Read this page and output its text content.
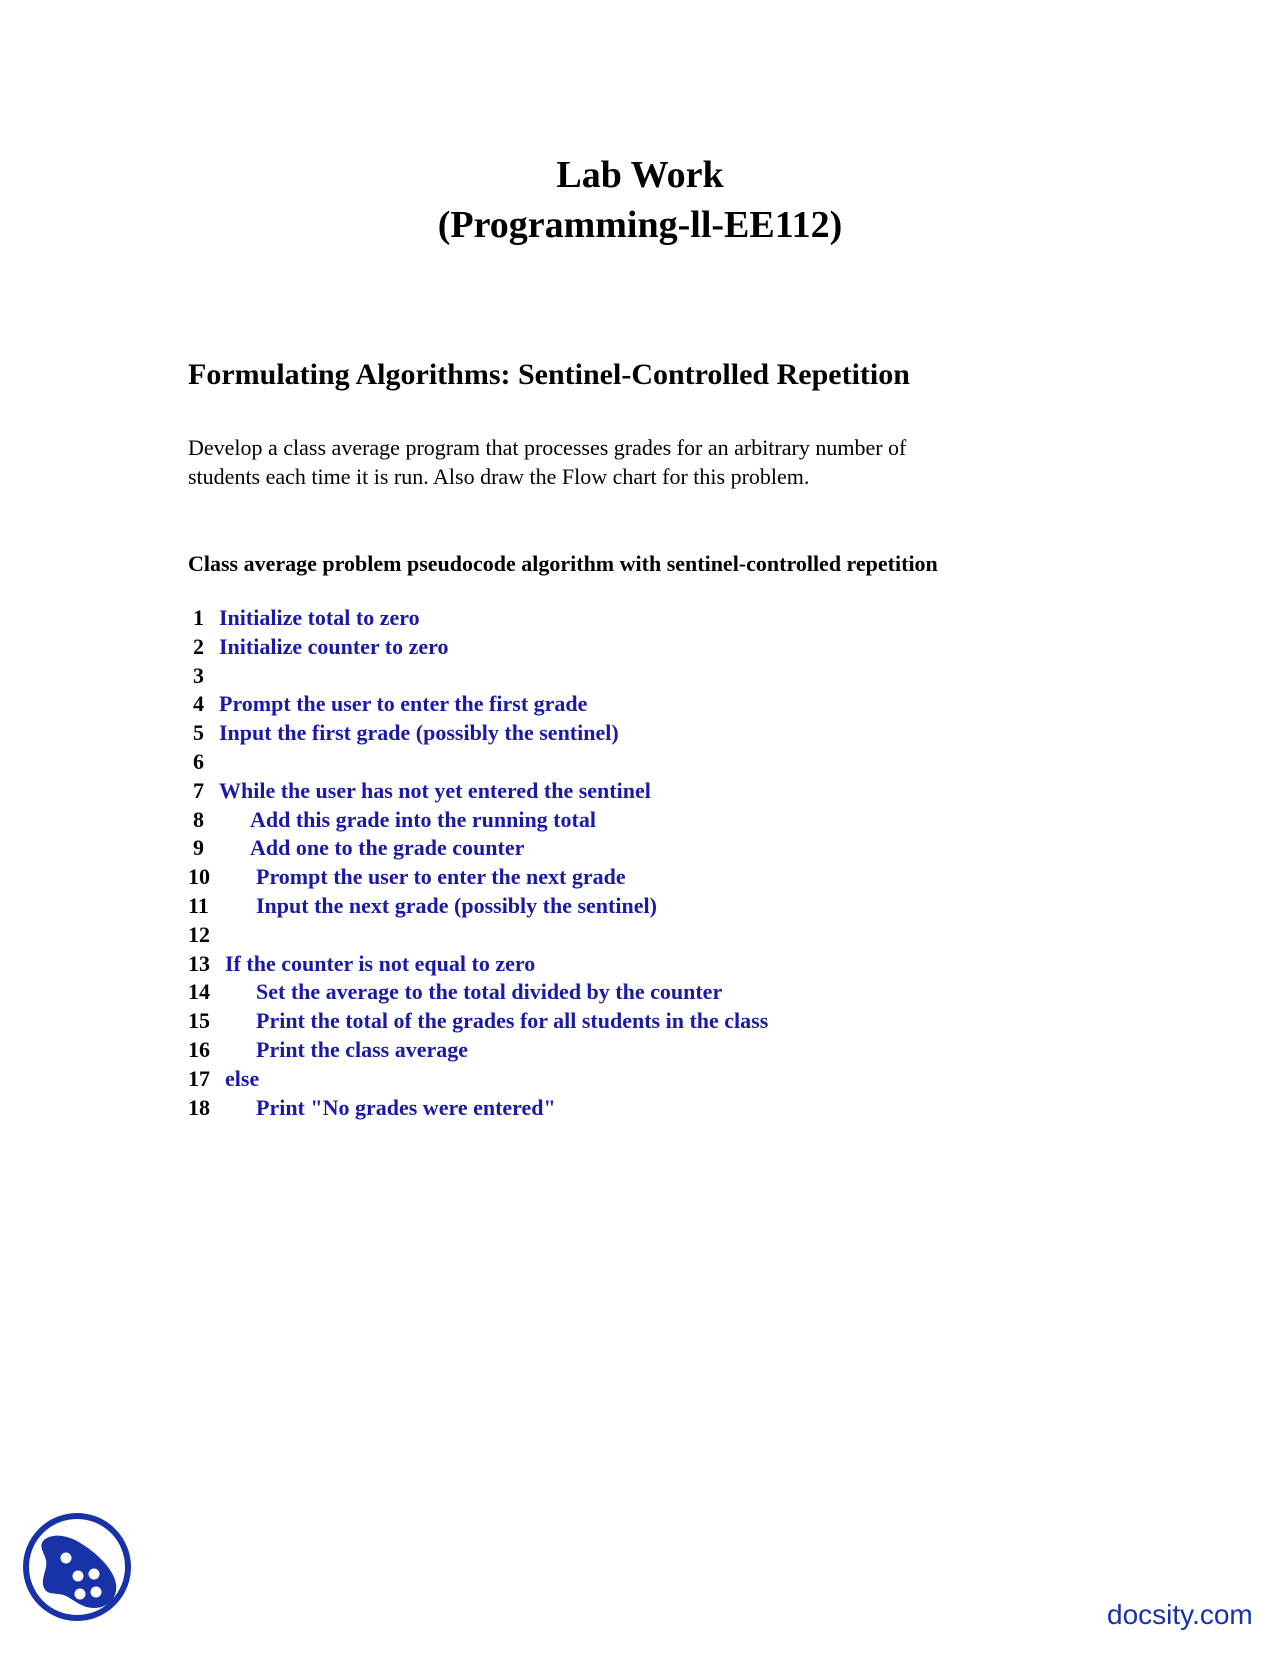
Lab Work
(Programming-ll-EE112)
Formulating Algorithms: Sentinel-Controlled Repetition
Develop a class average program that processes grades for an arbitrary number of
students each time it is run. Also draw the Flow chart for this problem.
Class average problem pseudocode algorithm with sentinel-controlled repetition
1 Initialize total to zero
2 Initialize counter to zero
3
4 Prompt the user to enter the first grade
5 Input the first grade (possibly the sentinel)
6
7 While the user has not yet entered the sentinel
8 Add this grade into the running total
9 Add one to the grade counter
10 Prompt the user to enter the next grade
11 Input the next grade (possibly the sentinel)
12
13 If the counter is not equal to zero
14 Set the average to the total divided by the counter
15 Print the total of the grades for all students in the class
16 Print the class average
17 else
18 Print "No grades were entered"
docsity.com
